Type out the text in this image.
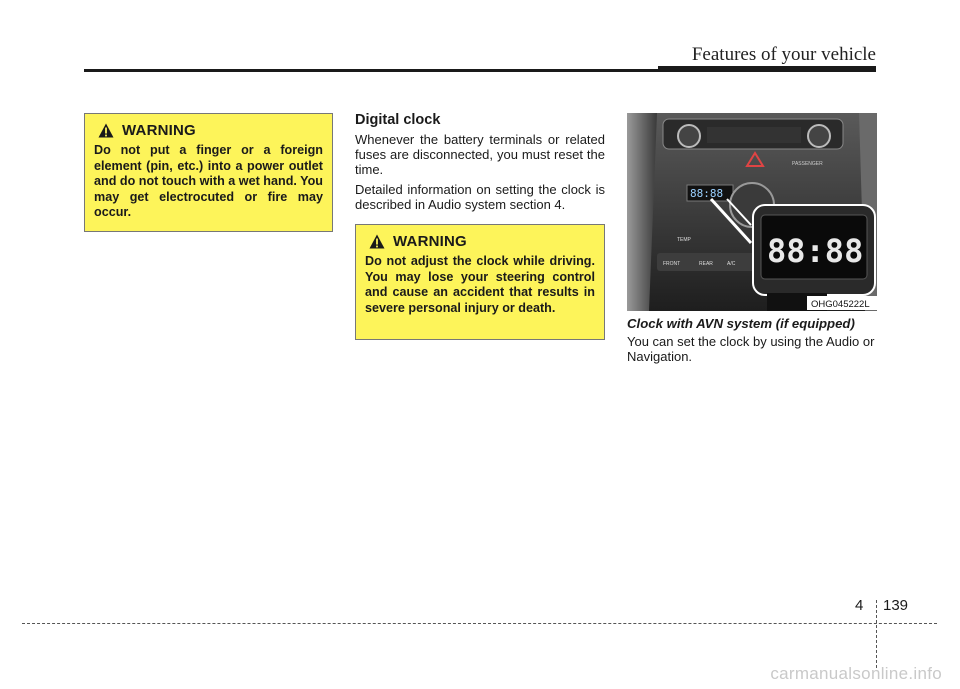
Features of your vehicle
WARNING
Do not put a finger or a foreign element (pin, etc.) into a power outlet and do not touch with a wet hand. You may get electrocuted or fire may occur.
Digital clock

Whenever the battery terminals or related fuses are disconnected, you must reset the time.

Detailed information on setting the clock is described in Audio system section 4.

WARNING
Do not adjust the clock while driving. You may lose your steering control and cause an accident that results in severe personal injury or death.
PASSENGER
88:88
FRONT	REAR	A/C
TEMP 88:88
OHG045222L
Clock with AVN system (if equipped)
You can set the clock by using the Audio or Navigation.
4 139
carmanualsonline.info
